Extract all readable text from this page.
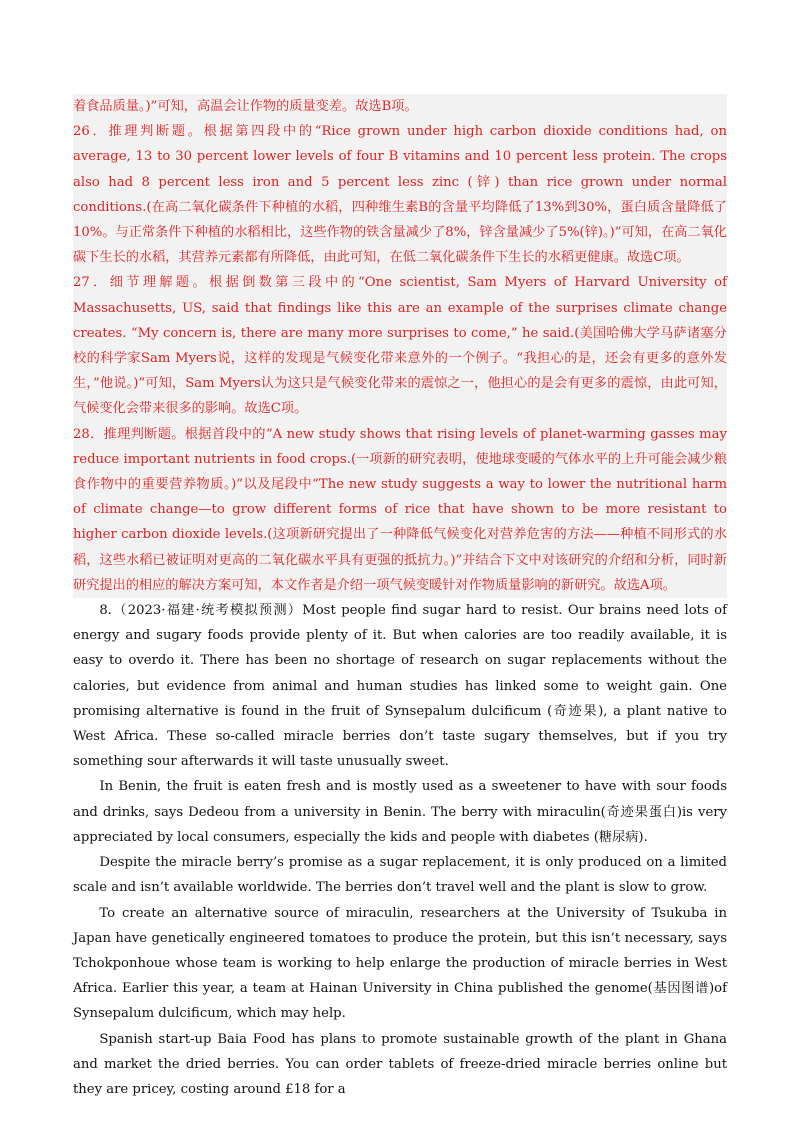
着食品质量。)”可知，高温会让作物的质量变差。故选B项。

26．推理判断题。根据第四段中的“Rice grown under high carbon dioxide conditions had, on average, 13 to 30 percent lower levels of four B vitamins and 10 percent less protein. The crops also had 8 percent less iron and 5 percent less zinc (锌) than rice grown under normal conditions.(在高二氧化碳条件下种植的水稻，四种维生素B的含量平均降低了13%到30%，蛋白质含量降低了10%。与正常条件下种植的水稻相比，这些作物的铁含量减少了8%，锌含量减少了5%(锌)。)”可知，在高二氧化碳下生长的水稻，其营养元素都有所降低，由此可知，在低二氧化碳条件下生长的水稻更健康。故选C项。

27．细节理解题。根据倒数第三段中的“One scientist, Sam Myers of Harvard University of Massachusetts, US, said that findings like this are an example of the surprises climate change creates. “My concern is, there are many more surprises to come,” he said.(美国哈佛大学马萨诸塞分校的科学家Sam Myers说，这样的发现是气候变化带来意外的一个例子。“我担心的是，还会有更多的意外发生，”他说。)”可知，Sam Myers认为这只是气候变化带来的震惊之一，他担心的是会有更多的震惊，由此可知，气候变化会带来很多的影响。故选C项。

28．推理判断题。根据首段中的“A new study shows that rising levels of planet-warming gasses may reduce important nutrients in food crops.(一项新的研究表明，使地球变暖的气体水平的上升可能会减少粮食作物中的重要营养物质。)”以及尾段中“The new study suggests a way to lower the nutritional harm of climate change—to grow different forms of rice that have shown to be more resistant to higher carbon dioxide levels.(这项新研究提出了一种降低气候变化对营养危害的方法——种植不同形式的水稻，这些水稻已被证明对更高的二氧化碳水平具有更强的抵抗力。)”并结合下文中对该研究的介绍和分析，同时新研究提出的相应的解决方案可知，本文作者是介绍一项气候变暖针对作物质量影响的新研究。故选A项。

8.（2023·福建·统考模拟预测）Most people find sugar hard to resist. Our brains need lots of energy and sugary foods provide plenty of it. But when calories are too readily available, it is easy to overdo it. There has been no shortage of research on sugar replacements without the calories, but evidence from animal and human studies has linked some to weight gain. One promising alternative is found in the fruit of Synsepalum dulcificum (奇迹果), a plant native to West Africa. These so-called miracle berries don’t taste sugary themselves, but if you try something sour afterwards it will taste unusually sweet.

In Benin, the fruit is eaten fresh and is mostly used as a sweetener to have with sour foods and drinks, says Dedeou from a university in Benin. The berry with miraculin(奇迹果蛋白)is very appreciated by local consumers, especially the kids and people with diabetes (糖尿病).

Despite the miracle berry’s promise as a sugar replacement, it is only produced on a limited scale and isn’t available worldwide. The berries don’t travel well and the plant is slow to grow.

To create an alternative source of miraculin, researchers at the University of Tsukuba in Japan have genetically engineered tomatoes to produce the protein, but this isn’t necessary, says Tchokponhoue whose team is working to help enlarge the production of miracle berries in West Africa. Earlier this year, a team at Hainan University in China published the genome(基因图谱)of Synsepalum dulcificum, which may help.

Spanish start-up Baia Food has plans to promote sustainable growth of the plant in Ghana and market the dried berries. You can order tablets of freeze-dried miracle berries online but they are pricey, costing around £18 for a
